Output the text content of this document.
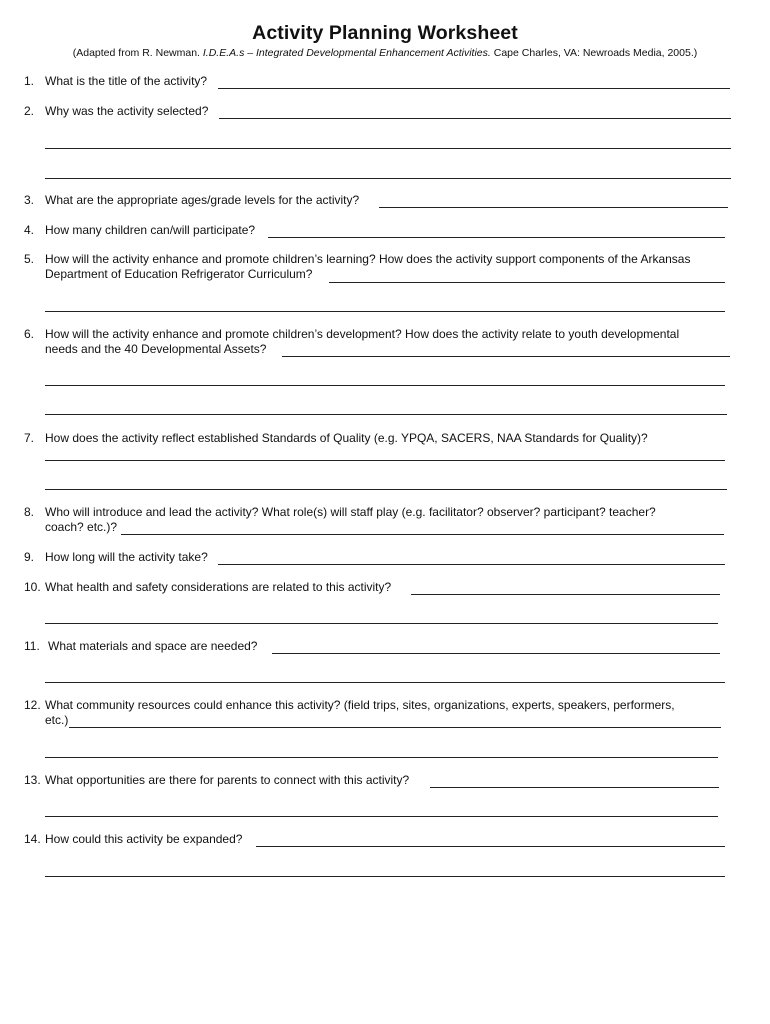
Activity Planning Worksheet
(Adapted from R. Newman. I.D.E.A.s – Integrated Developmental Enhancement Activities. Cape Charles, VA: Newroads Media, 2005.)
1. What is the title of the activity?
2. Why was the activity selected?
3. What are the appropriate ages/grade levels for the activity?
4. How many children can/will participate?
5. How will the activity enhance and promote children’s learning? How does the activity support components of the Arkansas
Department of Education Refrigerator Curriculum?
6. How will the activity enhance and promote children’s development? How does the activity relate to youth developmental
needs and the 40 Developmental Assets?
7. How does the activity reflect established Standards of Quality (e.g. YPQA, SACERS, NAA Standards for Quality)?
8. Who will introduce and lead the activity? What role(s) will staff play (e.g. facilitator? observer? participant? teacher?
coach? etc.)?
9. How long will the activity take?
10. What health and safety considerations are related to this activity?
11. What materials and space are needed?
12. What community resources could enhance this activity? (field trips, sites, organizations, experts, speakers, performers,
etc.)
13. What opportunities are there for parents to connect with this activity?
14. How could this activity be expanded?
